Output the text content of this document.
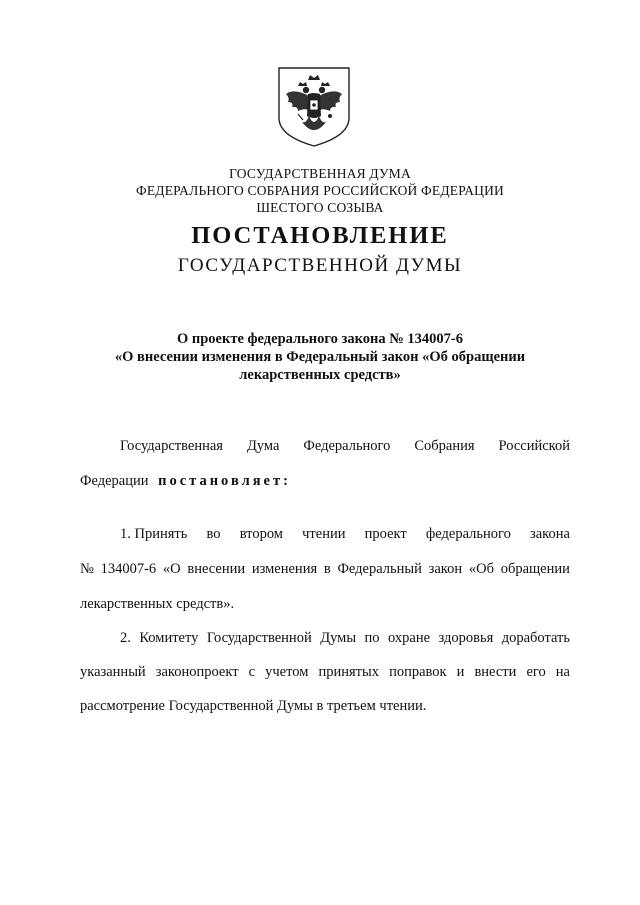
ГОСУДАРСТВЕННАЯ ДУМА
ФЕДЕРАЛЬНОГО СОБРАНИЯ РОССИЙСКОЙ ФЕДЕРАЦИИ
ШЕСТОГО СОЗЫВА
ПОСТАНОВЛЕНИЕ
ГОСУДАРСТВЕННОЙ ДУМЫ
О проекте федерального закона № 134007-6
«О внесении изменения в Федеральный закон «Об обращении
лекарственных средств»
Государственная Дума Федерального Собрания Российской
Федерации постановляет:
1. Принять во втором чтении проект федерального закона
№ 134007-6 «О внесении изменения в Федеральный закон «Об обращении
лекарственных средств».
2. Комитету Государственной Думы по охране здоровья доработать
указанный законопроект с учетом принятых поправок и внести его на
рассмотрение Государственной Думы в третьем чтении.
